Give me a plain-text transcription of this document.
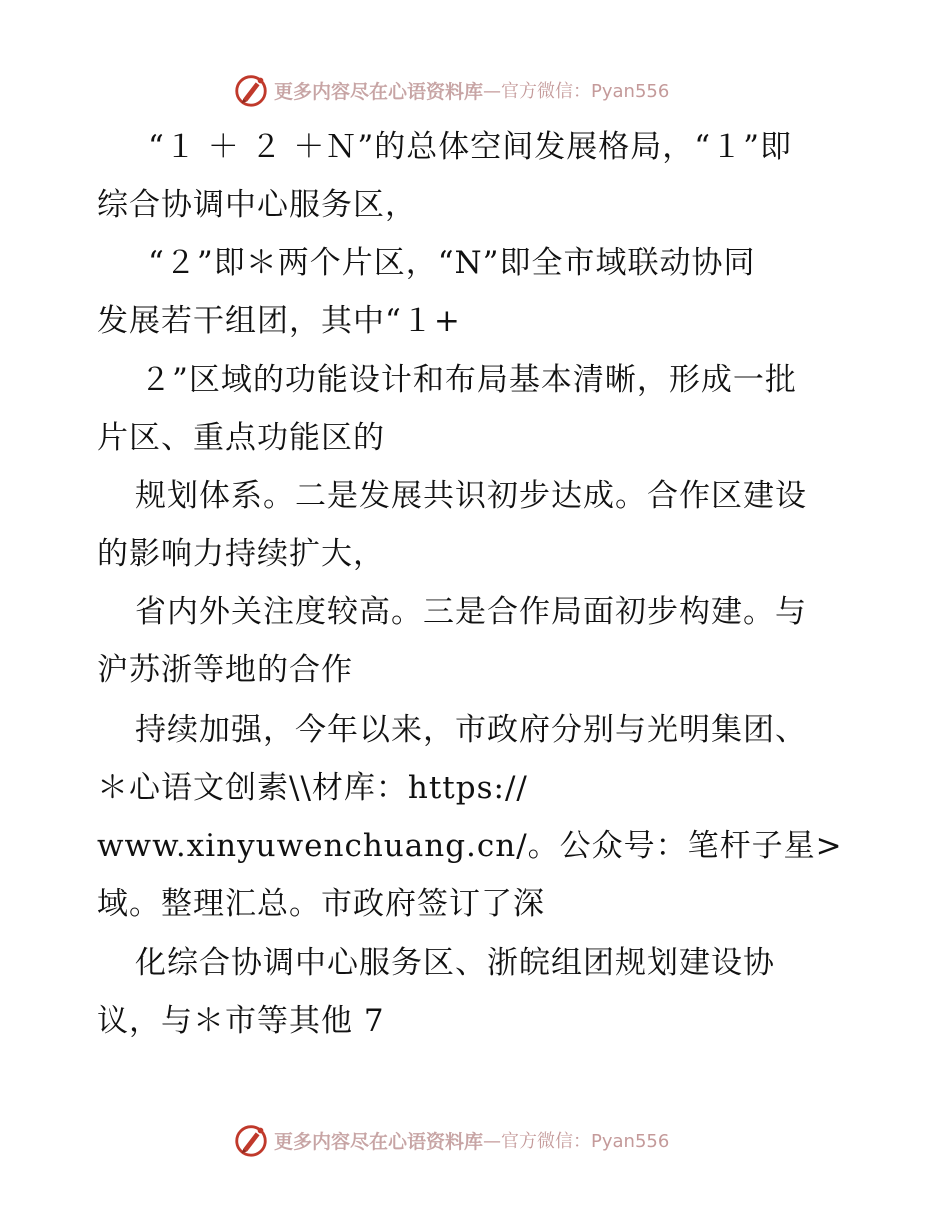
更多内容尽在心语资料库 —官方微信：Pyan556
“１ ＋ ２ ＋Ｎ”的总体空间发展格局，“１”即
综合协调中心服务区，
“２”即＊两个片区，“N”即全市域联动协同
发展若干组团，其中“１+
２”区域的功能设计和布局基本清晰，形成一批
片区、重点功能区的
规划体系。二是发展共识初步达成。合作区建设
的影响力持续扩大，
省内外关注度较高。三是合作局面初步构建。与
沪苏浙等地的合作
持续加强，今年以来，市政府分别与光明集团、
＊心语文创素\\材库：https://
www.xinyuwenchuang.cn/。公众号：笔杆子星>
域。整理汇总。市政府签订了深
化综合协调中心服务区、浙皖组团规划建设协
议，与＊市等其他 7
更多内容尽在心语资料库 —官方微信：Pyan556
